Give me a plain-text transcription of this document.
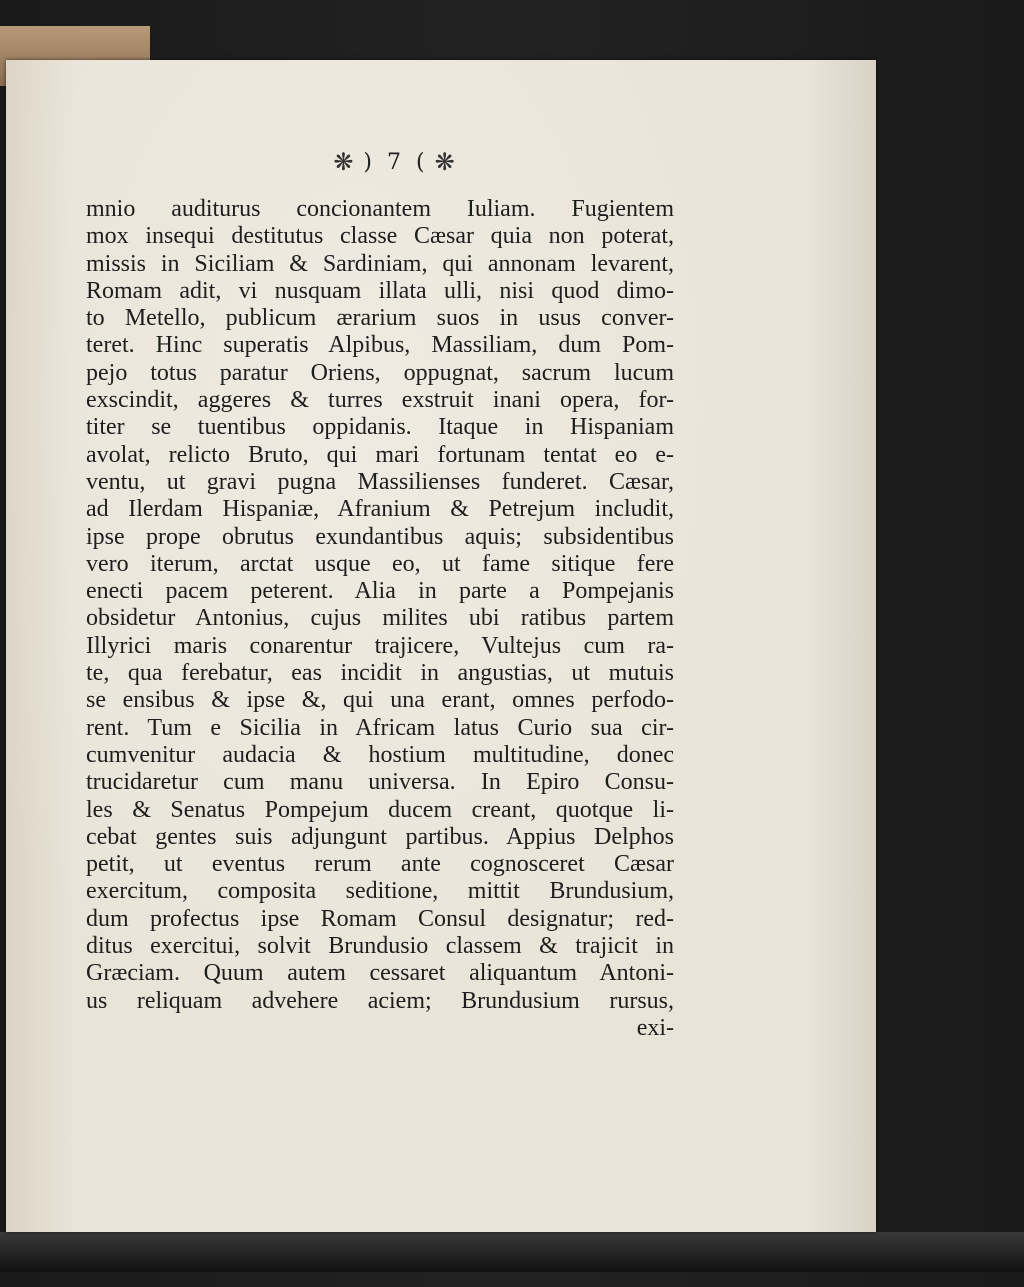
❋ ) 7 ( ❋
mnio auditurus concionantem Iuliam. Fugientem
mox insequi destitutus classe Cæsar quia non poterat,
missis in Siciliam & Sardiniam, qui annonam levarent,
Romam adit, vi nusquam illata ulli, nisi quod dimo-
to Metello, publicum ærarium suos in usus conver-
teret. Hinc superatis Alpibus, Massiliam, dum Pom-
pejo totus paratur Oriens, oppugnat, sacrum lucum
exscindit, aggeres & turres exstruit inani opera, for-
titer se tuentibus oppidanis. Itaque in Hispaniam
avolat, relicto Bruto, qui mari fortunam tentat eo e-
ventu, ut gravi pugna Massilienses funderet. Cæsar,
ad Ilerdam Hispaniæ, Afranium & Petrejum includit,
ipse prope obrutus exundantibus aquis; subsidentibus
vero iterum, arctat usque eo, ut fame sitique fere
enecti pacem peterent. Alia in parte a Pompejanis
obsidetur Antonius, cujus milites ubi ratibus partem
Illyrici maris conarentur trajicere, Vultejus cum ra-
te, qua ferebatur, eas incidit in angustias, ut mutuis
se ensibus & ipse &, qui una erant, omnes perfodo-
rent. Tum e Sicilia in Africam latus Curio sua cir-
cumvenitur audacia & hostium multitudine, donec
trucidaretur cum manu universa. In Epiro Consu-
les & Senatus Pompejum ducem creant, quotque li-
cebat gentes suis adjungunt partibus. Appius Delphos
petit, ut eventus rerum ante cognosceret Cæsar
exercitum, composita seditione, mittit Brundusium,
dum profectus ipse Romam Consul designatur; red-
ditus exercitui, solvit Brundusio classem & trajicit in
Græciam. Quum autem cessaret aliquantum Antoni-
us reliquam advehere aciem; Brundusium rursus,
exi-
